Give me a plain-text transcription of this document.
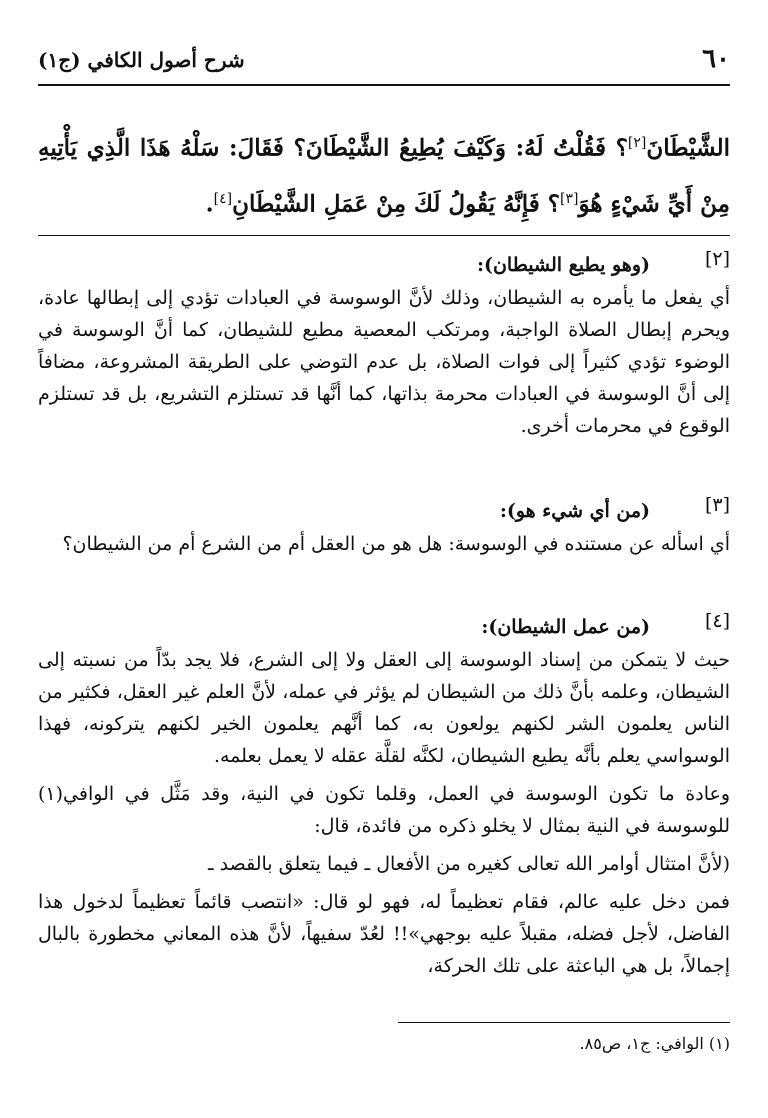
٦٠
شرح أصول الكافي (ج١)
الشَّيْطَانَ[٢]؟ فَقُلْتُ لَهُ: وَكَيْفَ يُطِيعُ الشَّيْطَانَ؟ فَقَالَ: سَلْهُ هَذَا الَّذِي يَأْتِيهِ مِنْ أَيِّ شَيْءٍ هُوَ[٣]؟ فَإِنَّهُ يَقُولُ لَكَ مِنْ عَمَلِ الشَّيْطَانِ[٤].
[٢]
(وهو يطيع الشيطان):

أي يفعل ما يأمره به الشيطان، وذلك لأنَّ الوسوسة في العبادات تؤدي إلى إبطالها عادة، ويحرم إبطال الصلاة الواجبة، ومرتكب المعصية مطيع للشيطان، كما أنَّ الوسوسة في الوضوء تؤدي كثيراً إلى فوات الصلاة، بل عدم التوضي على الطريقة المشروعة، مضافاً إلى أنَّ الوسوسة في العبادات محرمة بذاتها، كما أنَّها قد تستلزم التشريع، بل قد تستلزم الوقوع في محرمات أخرى.

[٣]
(من أي شيء هو):

أي اسأله عن مستنده في الوسوسة: هل هو من العقل أم من الشرع أم من الشيطان؟

[٤]
(من عمل الشيطان):

حيث لا يتمكن من إسناد الوسوسة إلى العقل ولا إلى الشرع، فلا يجد بدّاً من نسبته إلى الشيطان، وعلمه بأنَّ ذلك من الشيطان لم يؤثر في عمله، لأنَّ العلم غير العقل، فكثير من الناس يعلمون الشر لكنهم يولعون به، كما أنَّهم يعلمون الخير لكنهم يتركونه، فهذا الوسواسي يعلم بأنَّه يطيع الشيطان، لكنَّه لقلَّة عقله لا يعمل بعلمه.

وعادة ما تكون الوسوسة في العمل، وقلما تكون في النية، وقد مَثَّل في الوافي(١) للوسوسة في النية بمثال لا يخلو ذكره من فائدة، قال:

(لأنَّ امتثال أوامر الله تعالى كغيره من الأفعال ـ فيما يتعلق بالقصد ـ

فمن دخل عليه عالم، فقام تعظيماً له، فهو لو قال: «انتصب قائماً تعظيماً لدخول هذا الفاضل، لأجل فضله، مقبلاً عليه بوجهي»!! لعُدّ سفيهاً، لأنَّ هذه المعاني مخطورة بالبال إجمالاً، بل هي الباعثة على تلك الحركة،

(١) الوافي: ج١، ص٨٥.
